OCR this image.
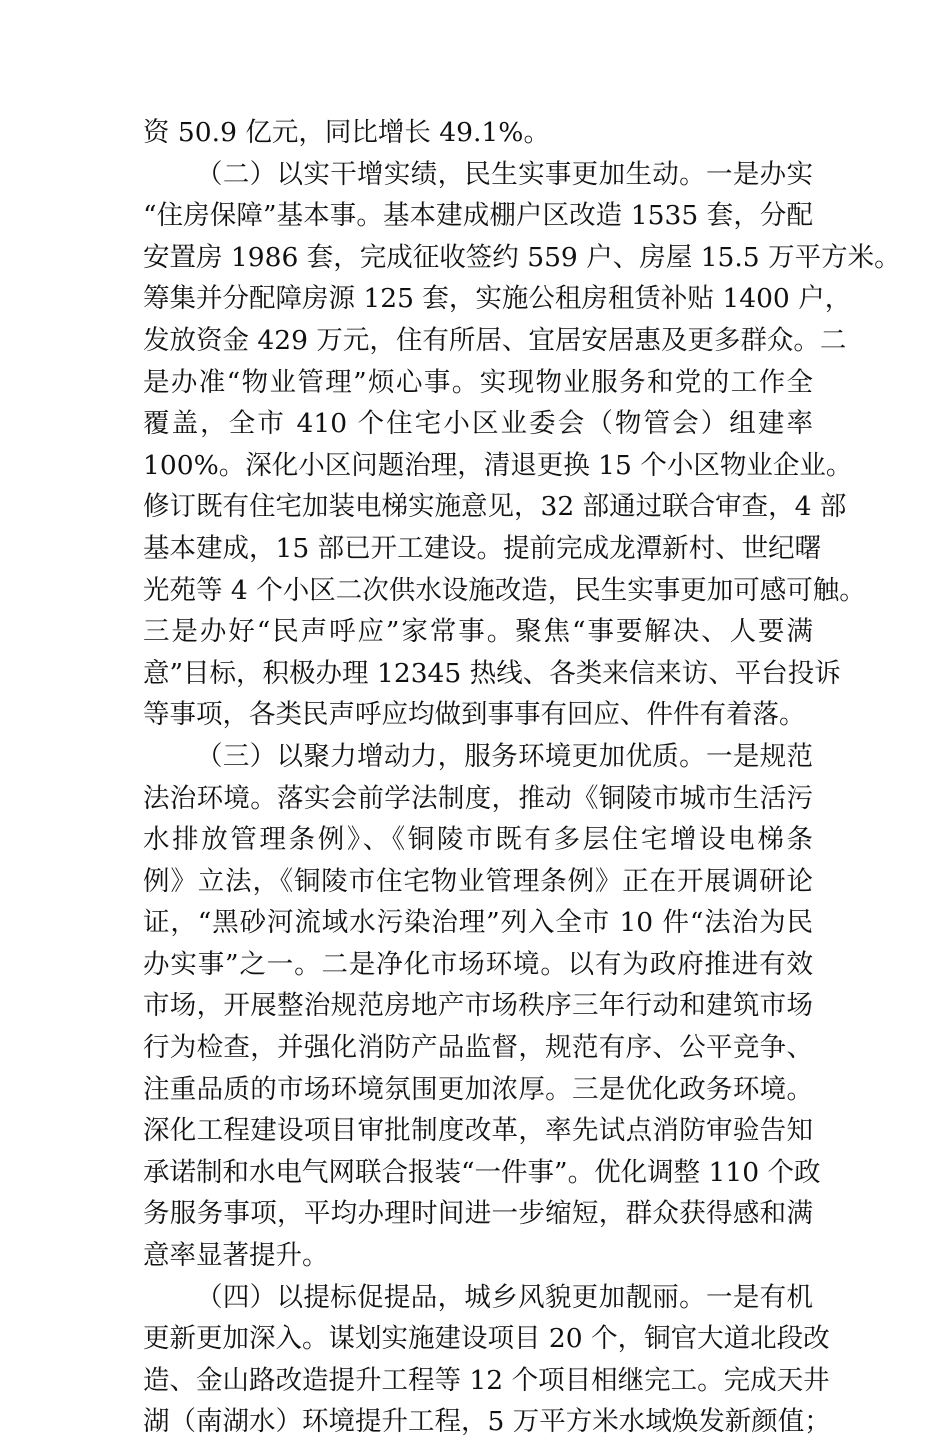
资 50.9 亿元，同比增长 49.1%。
（二）以实干增实绩，民生实事更加生动。一是办实
“住房保障”基本事。基本建成棚户区改造 1535 套，分配
安置房 1986 套，完成征收签约 559 户、房屋 15.5 万平方米。
筹集并分配障房源 125 套，实施公租房租赁补贴 1400 户，
发放资金 429 万元，住有所居、宜居安居惠及更多群众。二
是办准“物业管理”烦心事。实现物业服务和党的工作全
覆盖，全市 410 个住宅小区业委会（物管会）组建率
100%。深化小区问题治理，清退更换 15 个小区物业企业。
修订既有住宅加装电梯实施意见，32 部通过联合审查，4 部
基本建成，15 部已开工建设。提前完成龙潭新村、世纪曙
光苑等 4 个小区二次供水设施改造，民生实事更加可感可触。
三是办好“民声呼应”家常事。聚焦“事要解决、人要满
意”目标，积极办理 12345 热线、各类来信来访、平台投诉
等事项，各类民声呼应均做到事事有回应、件件有着落。
（三）以聚力增动力，服务环境更加优质。一是规范
法治环境。落实会前学法制度，推动《铜陵市城市生活污
水排放管理条例》、《铜陵市既有多层住宅增设电梯条
例》立法，《铜陵市住宅物业管理条例》正在开展调研论
证，“黑砂河流域水污染治理”列入全市 10 件“法治为民
办实事”之一。二是净化市场环境。以有为政府推进有效
市场，开展整治规范房地产市场秩序三年行动和建筑市场
行为检查，并强化消防产品监督，规范有序、公平竞争、
注重品质的市场环境氛围更加浓厚。三是优化政务环境。
深化工程建设项目审批制度改革，率先试点消防审验告知
承诺制和水电气网联合报装“一件事”。优化调整 110 个政
务服务事项，平均办理时间进一步缩短，群众获得感和满
意率显著提升。
（四）以提标促提品，城乡风貌更加靓丽。一是有机
更新更加深入。谋划实施建设项目 20 个，铜官大道北段改
造、金山路改造提升工程等 12 个项目相继完工。完成天井
湖（南湖水）环境提升工程，5 万平方米水域焕发新颜值；
